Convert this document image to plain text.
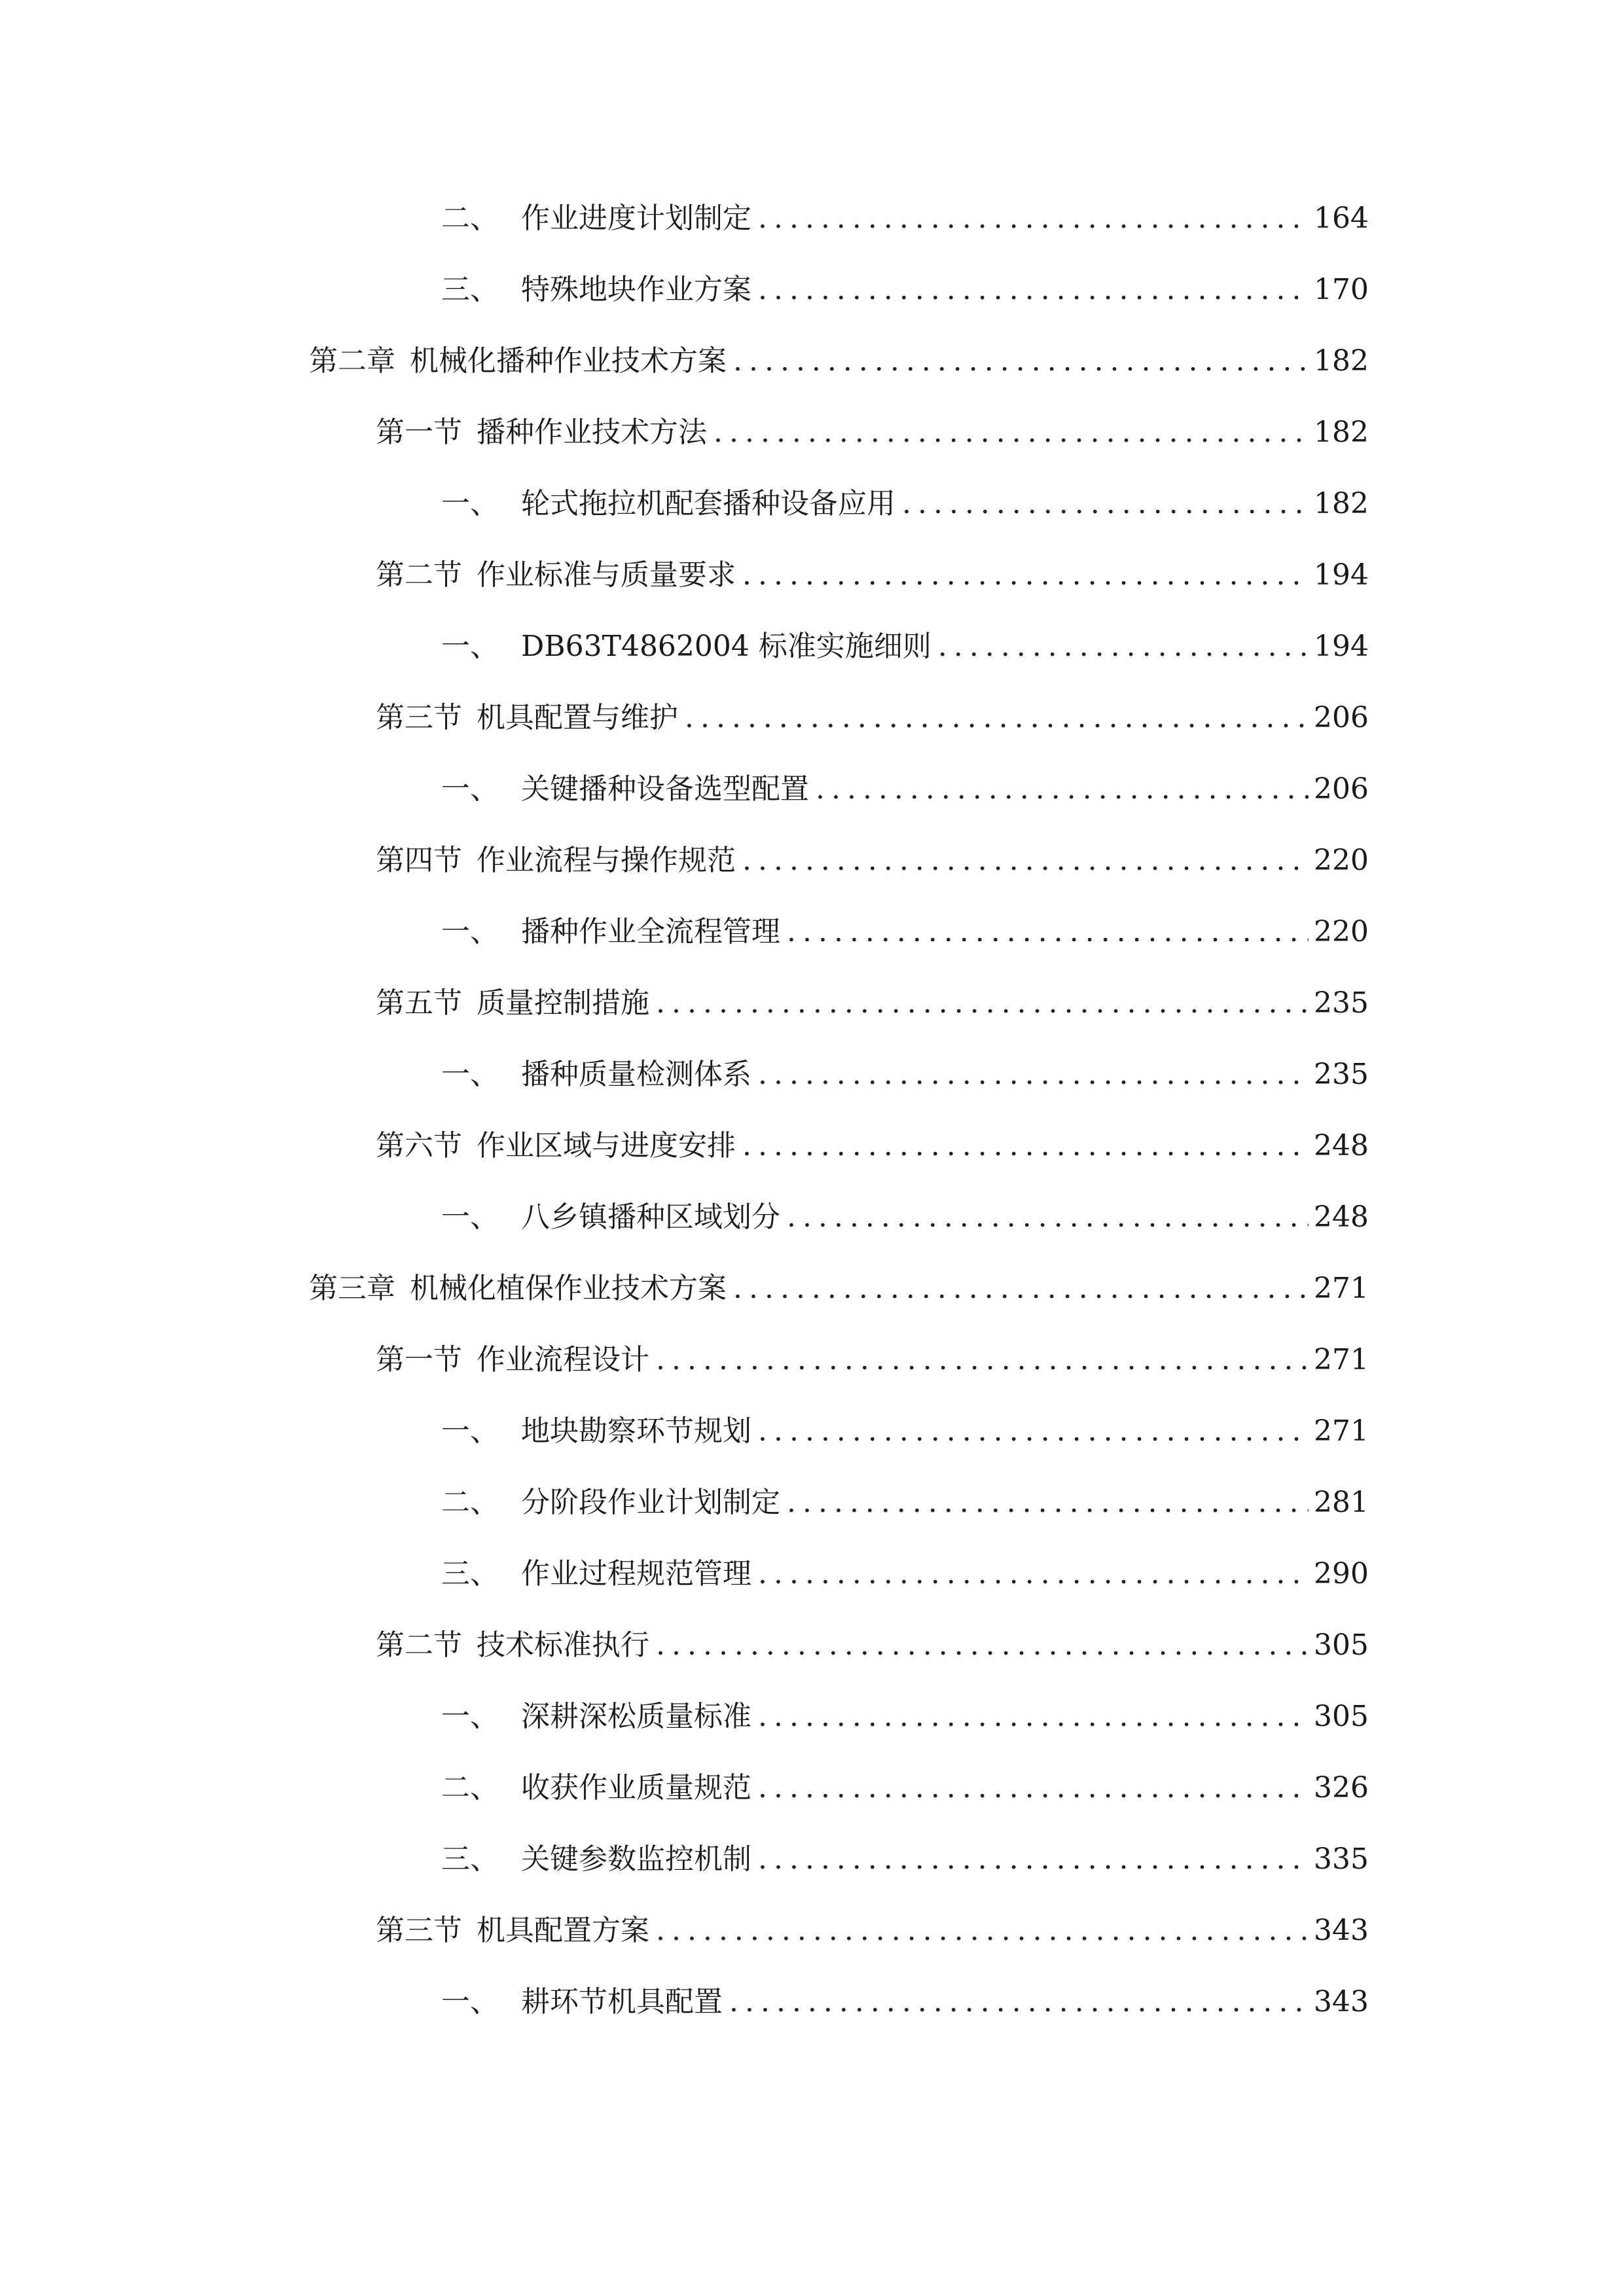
二、 作业进度计划制定 .....	164
三、 特殊地块作业方案 .....	170
第二章 机械化播种作业技术方案 .....	182
第一节 播种作业技术方法 .....	182
一、 轮式拖拉机配套播种设备应用 .....	182
第二节 作业标准与质量要求 .....	194
一、 DB63T4862004 标准实施细则 .....	194
第三节 机具配置与维护 .....	206
一、 关键播种设备选型配置 .....	206
第四节 作业流程与操作规范 .....	220
一、 播种作业全流程管理 .....	220
第五节 质量控制措施 .....	235
一、 播种质量检测体系 .....	235
第六节 作业区域与进度安排 .....	248
一、 八乡镇播种区域划分 .....	248
第三章 机械化植保作业技术方案 .....	271
第一节 作业流程设计 .....	271
一、 地块勘察环节规划 .....	271
二、 分阶段作业计划制定 .....	281
三、 作业过程规范管理 .....	290
第二节 技术标准执行 .....	305
一、 深耕深松质量标准 .....	305
二、 收获作业质量规范 .....	326
三、 关键参数监控机制 .....	335
第三节 机具配置方案 .....	343
一、 耕环节机具配置 .....	343
